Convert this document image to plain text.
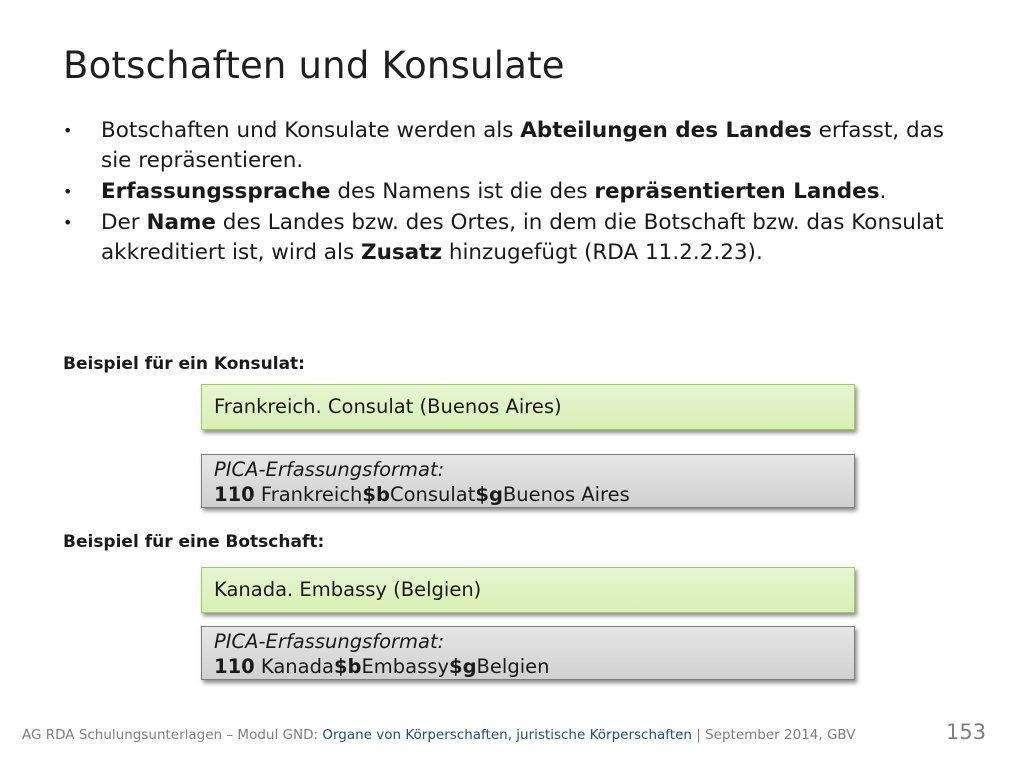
Botschaften und Konsulate
• Botschaften und Konsulate werden als Abteilungen des Landes erfasst, das sie repräsentieren.
• Erfassungssprache des Namens ist die des repräsentierten Landes.
• Der Name des Landes bzw. des Ortes, in dem die Botschaft bzw. das Konsulat akkreditiert ist, wird als Zusatz hinzugefügt (RDA 11.2.2.23).
Beispiel für ein Konsulat:
Frankreich. Consulat (Buenos Aires)
PICA-Erfassungsformat:
110 Frankreich$bConsulat$gBuenos Aires
Beispiel für eine Botschaft:
Kanada. Embassy (Belgien)
PICA-Erfassungsformat:
110 Kanada$bEmbassy$gBelgien
AG RDA Schulungsunterlagen – Modul GND: Organe von Körperschaften, juristische Körperschaften | September 2014, GBV	153
